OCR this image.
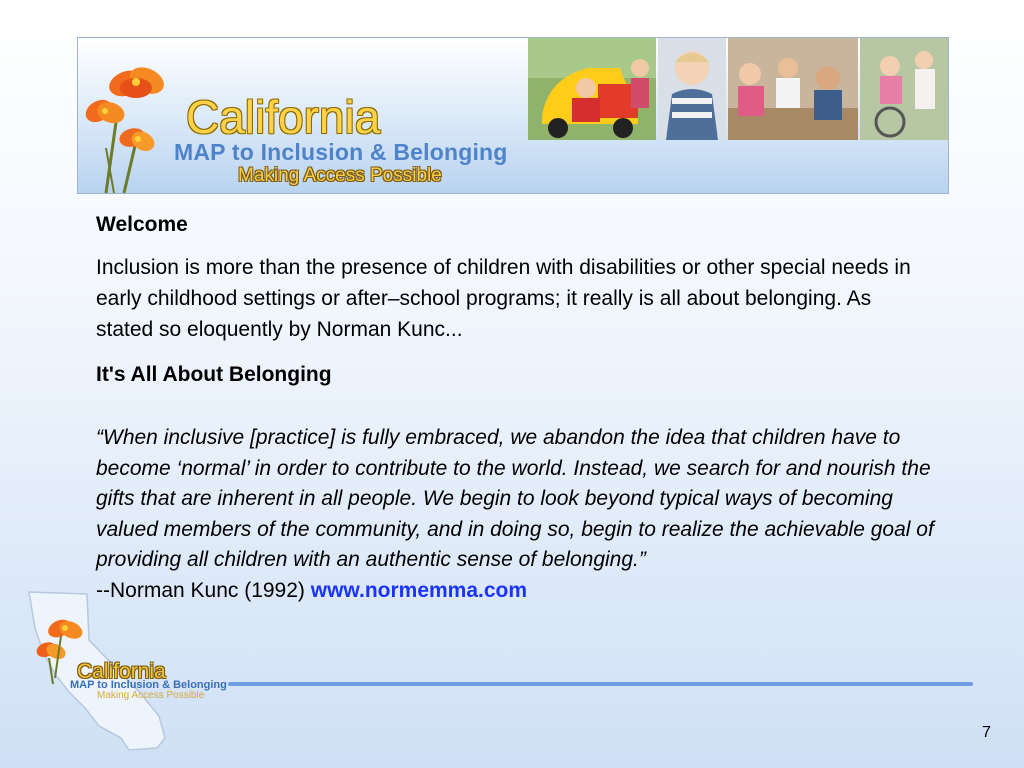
California
MAP to Inclusion & Belonging
Making Access Possible
Welcome

Inclusion is more than the presence of children with disabilities or other special needs in early childhood settings or after–school programs; it really is all about belonging. As stated so eloquently by Norman Kunc...

It's All About Belonging

“When inclusive [practice] is fully embraced, we abandon the idea that children have to become ‘normal’ in order to contribute to the world. Instead, we search for and nourish the gifts that are inherent in all people. We begin to look beyond typical ways of becoming valued members of the community, and in doing so, begin to realize the achievable goal of providing all children with an authentic sense of belonging.”

--Norman Kunc (1992) www.normemma.com

California
MAP to Inclusion & Belonging
Making Access Possible
7
